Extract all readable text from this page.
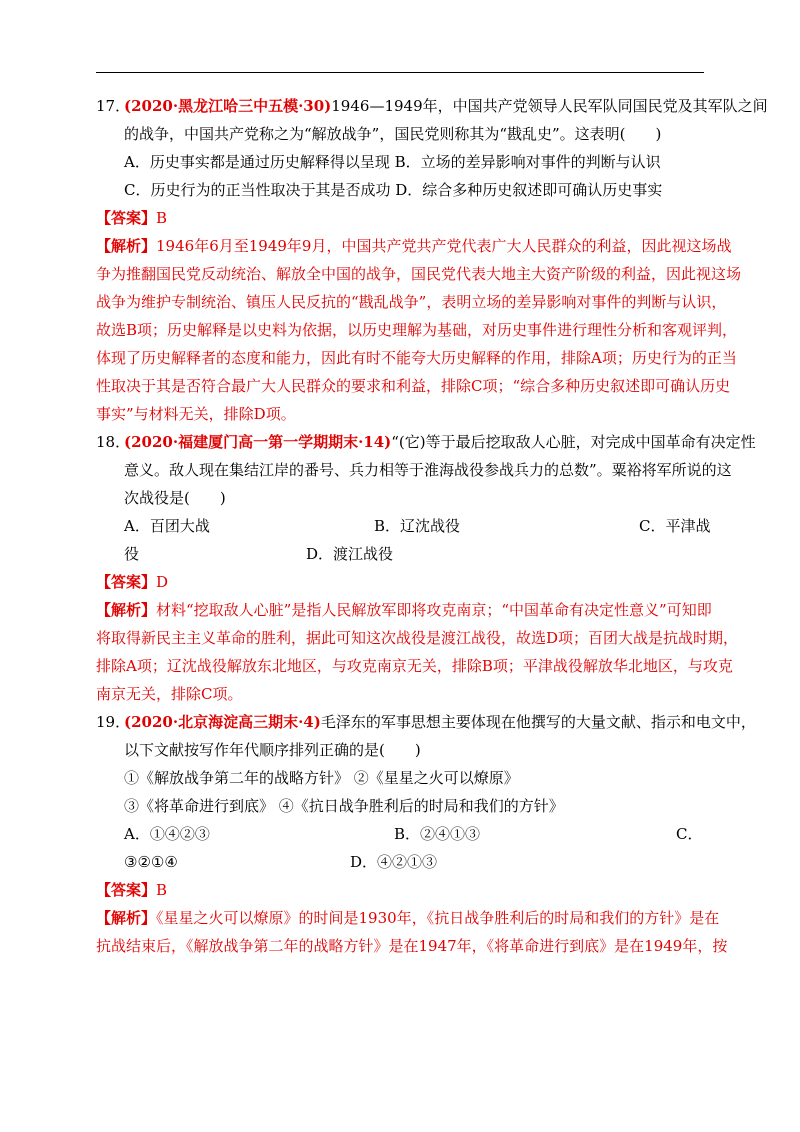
17．(2020·黑龙江哈三中五模·30)1946—1949年，中国共产党领导人民军队同国民党及其军队之间
的战争，中国共产党称之为“解放战争”，国民党则称其为“戡乱史”。这表明(　　)
A．历史事实都是通过历史解释得以呈现 B．立场的差异影响对事件的判断与认识
C．历史行为的正当性取决于其是否成功 D．综合多种历史叙述即可确认历史事实
【答案】B
【解析】1946年6月至1949年9月，中国共产党共产党代表广大人民群众的利益，因此视这场战
争为推翻国民党反动统治、解放全中国的战争，国民党代表大地主大资产阶级的利益，因此视这场
战争为维护专制统治、镇压人民反抗的“戡乱战争”，表明立场的差异影响对事件的判断与认识，
故选B项；历史解释是以史料为依据，以历史理解为基础，对历史事件进行理性分析和客观评判，
体现了历史解释者的态度和能力，因此有时不能夸大历史解释的作用，排除A项；历史行为的正当
性取决于其是否符合最广大人民群众的要求和利益，排除C项；“综合多种历史叙述即可确认历史
事实”与材料无关，排除D项。
18．(2020·福建厦门高一第一学期期末·14)“(它)等于最后挖取敌人心脏，对完成中国革命有决定性
意义。敌人现在集结江岸的番号、兵力相等于淮海战役参战兵力的总数”。粟裕将军所说的这
次战役是(　　)
A．百团大战	B．辽沈战役	C．平津战
役	D．渡江战役
【答案】D
【解析】材料“挖取敌人心脏”是指人民解放军即将攻克南京；“中国革命有决定性意义”可知即
将取得新民主主义革命的胜利，据此可知这次战役是渡江战役，故选D项；百团大战是抗战时期，
排除A项；辽沈战役解放东北地区，与攻克南京无关，排除B项；平津战役解放华北地区，与攻克
南京无关，排除C项。
19．(2020·北京海淀高三期末·4)毛泽东的军事思想主要体现在他撰写的大量文献、指示和电文中，
以下文献按写作年代顺序排列正确的是(　　)
①《解放战争第二年的战略方针》 ②《星星之火可以燎原》
③《将革命进行到底》 ④《抗日战争胜利后的时局和我们的方针》
A．①④②③	B．②④①③	C．
③②①④	D．④②①③
【答案】B
【解析】《星星之火可以燎原》的时间是1930年，《抗日战争胜利后的时局和我们的方针》是在
抗战结束后，《解放战争第二年的战略方针》是在1947年，《将革命进行到底》是在1949年，按
